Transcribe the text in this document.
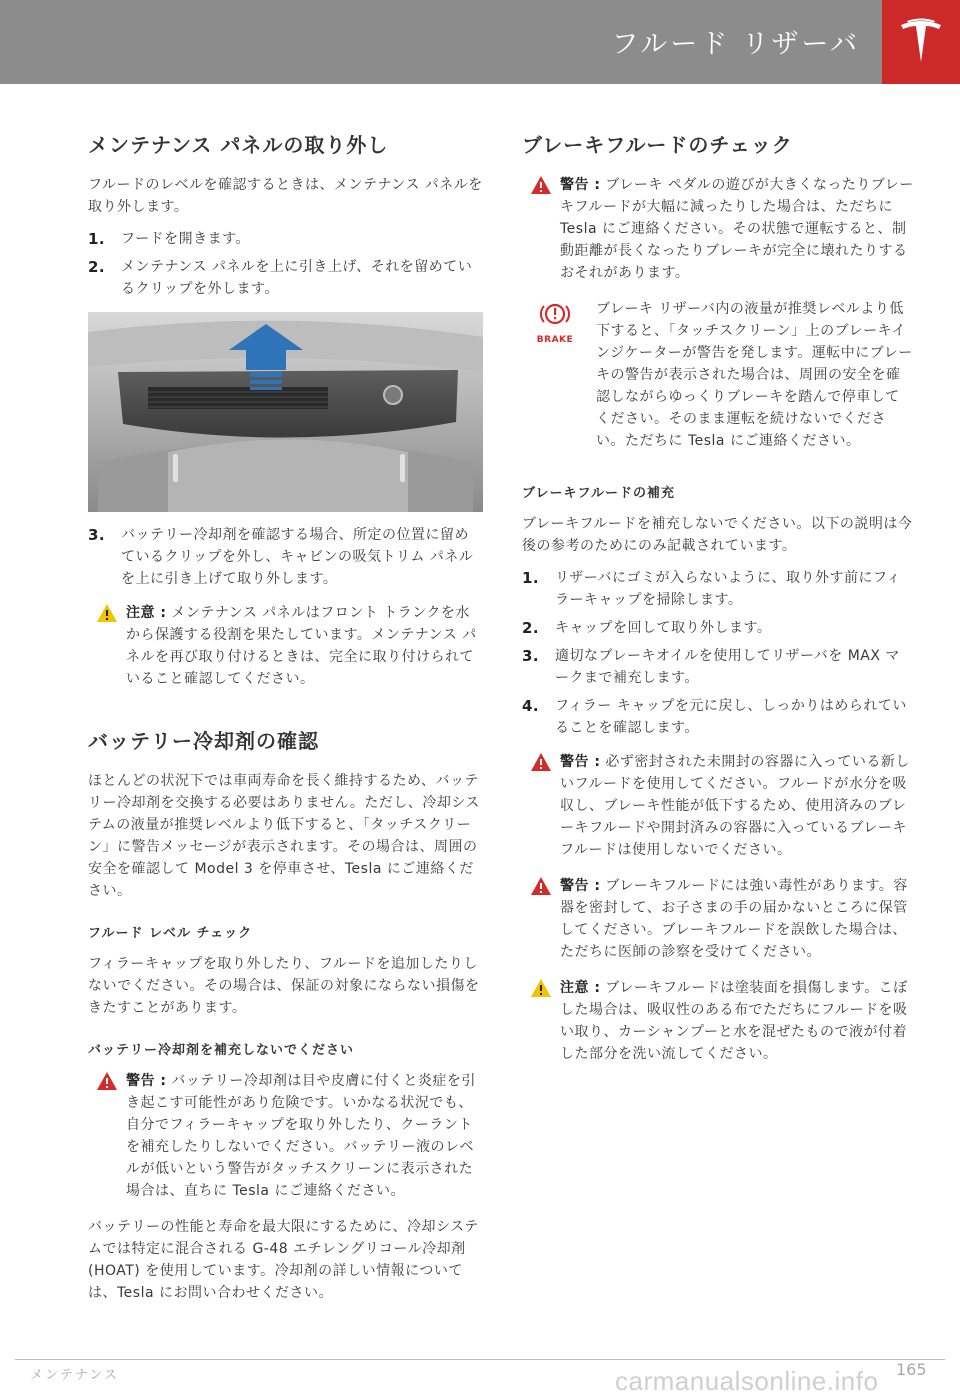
フルード リザーバ
メンテナンス パネルの取り外し

フルードのレベルを確認するときは、メンテナンス パネルを取り外します。

1. フードを開きます。
2. メンテナンス パネルを上に引き上げ、それを留めているクリップを外します。
3. バッテリー冷却剤を確認する場合、所定の位置に留めているクリップを外し、キャビンの吸気トリム パネルを上に引き上げて取り外します。
注意 : メンテナンス パネルはフロント トランクを水から保護する役割を果たしています。メンテナンス パネルを再び取り付けるときは、完全に取り付けられていること確認してください。
バッテリー冷却剤の確認

ほとんどの状況下では車両寿命を長く維持するため、バッテリー冷却剤を交換する必要はありません。ただし、冷却システムの液量が推奨レベルより低下すると、「タッチスクリーン」に警告メッセージが表示されます。その場合は、周囲の安全を確認して Model 3 を停車させ、Tesla にご連絡ください。

フルード レベル チェック

フィラーキャップを取り外したり、フルードを追加したりしないでください。その場合は、保証の対象にならない損傷をきたすことがあります。

バッテリー冷却剤を補充しないでください
警告 : バッテリー冷却剤は目や皮膚に付くと炎症を引き起こす可能性があり危険です。いかなる状況でも、自分でフィラーキャップを取り外したり、クーラントを補充したりしないでください。バッテリー液のレベルが低いという警告がタッチスクリーンに表示された場合は、直ちに Tesla にご連絡ください。

バッテリーの性能と寿命を最大限にするために、冷却システムでは特定に混合される G-48 エチレングリコール冷却剤 (HOAT) を使用しています。冷却剤の詳しい情報については、Tesla にお問い合わせください。

ブレーキフルードのチェック
警告 : ブレーキ ペダルの遊びが大きくなったりブレーキフルードが大幅に減ったりした場合は、ただちに Tesla にご連絡ください。その状態で運転すると、制動距離が長くなったりブレーキが完全に壊れたりするおそれがあります。
BRAKE
ブレーキ リザーバ内の液量が推奨レベルより低下すると、「タッチスクリーン」上のブレーキインジケーターが警告を発します。運転中にブレーキの警告が表示された場合は、周囲の安全を確認しながらゆっくりブレーキを踏んで停車してください。そのまま運転を続けないでください。ただちに Tesla にご連絡ください。
ブレーキフルードの補充

ブレーキフルードを補充しないでください。以下の説明は今後の参考のためにのみ記載されています。

1. リザーバにゴミが入らないように、取り外す前にフィラーキャップを掃除します。
2. キャップを回して取り外します。
3. 適切なブレーキオイルを使用してリザーバを MAX マークまで補充します。
4. フィラー キャップを元に戻し、しっかりはめられていることを確認します。
警告 : 必ず密封された未開封の容器に入っている新しいフルードを使用してください。フルードが水分を吸収し、ブレーキ性能が低下するため、使用済みのブレーキフルードや開封済みの容器に入っているブレーキフルードは使用しないでください。
警告 : ブレーキフルードには強い毒性があります。容器を密封して、お子さまの手の届かないところに保管してください。ブレーキフルードを誤飲した場合は、ただちに医師の診察を受けてください。
注意 : ブレーキフルードは塗装面を損傷します。こぼした場合は、吸収性のある布でただちにフルードを吸い取り、カーシャンプーと水を混ぜたもので液が付着した部分を洗い流してください。
メンテナンス	carmanualsonline.info 165
